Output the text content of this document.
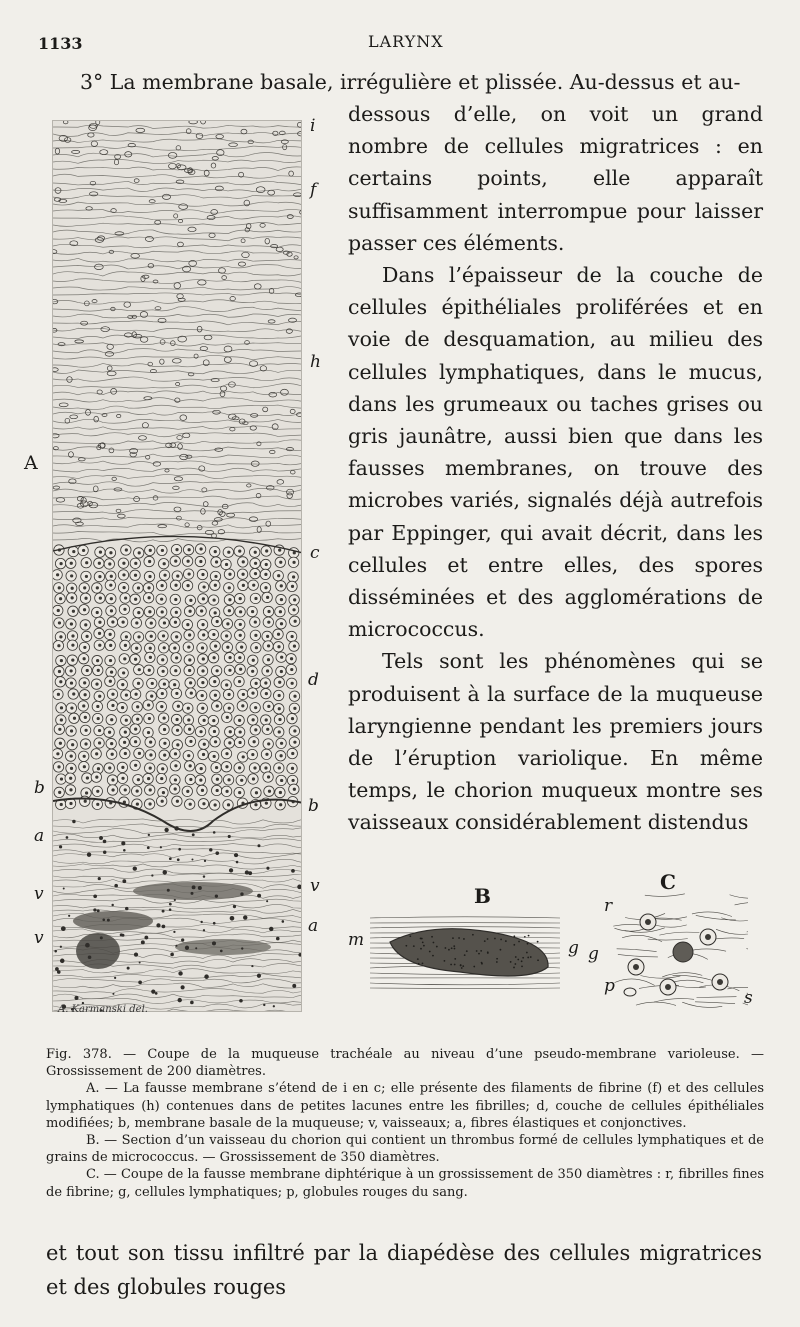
1133	LARYNX
3° La membrane basale, irrégulière et plissée. Au-dessus et au-

dessous d’elle, on voit un grand nombre de cellules migratrices : en certains points, elle apparaît suffisamment interrompue pour laisser passer ces éléments.

Dans l’épaisseur de la couche de cellules épithéliales proliférées et en voie de desquamation, au milieu des cellules lymphatiques, dans le mucus, dans les grumeaux ou taches grises ou gris jaunâtre, aussi bien que dans les fausses membranes, on trouve des microbes variés, signalés déjà autrefois par Eppinger, qui avait décrit, dans les cellules et entre elles, des spores disséminées et des agglomérations de micrococcus.

Tels sont les phénomènes qui se produisent à la surface de la muqueuse laryngienne pendant les premiers jours de l’éruption variolique. En même temps, le chorion muqueux montre ses vaisseaux considérablement distendus

A
i
f
h
c
d
b
v
a
b
a
v
v
A. Karmanski del.
B
m	g
C
r
g
p
s

Fig. 378. — Coupe de la muqueuse trachéale au niveau d’une pseudo-membrane varioleuse. — Grossissement de 200 diamètres.

A. — La fausse membrane s’étend de i en c; elle présente des filaments de fibrine (f) et des cellules lymphatiques (h) contenues dans de petites lacunes entre les fibrilles; d, couche de cellules épithéliales modifiées; b, membrane basale de la muqueuse; v, vaisseaux; a, fibres élastiques et conjonctives.

B. — Section d’un vaisseau du chorion qui contient un thrombus formé de cellules lymphatiques et de grains de micrococcus. — Grossissement de 350 diamètres.

C. — Coupe de la fausse membrane diphtérique à un grossissement de 350 diamètres : r, fibrilles fines de fibrine; g, cellules lymphatiques; p, globules rouges du sang.

et tout son tissu infiltré par la diapédèse des cellules migratrices et des globules rouges
